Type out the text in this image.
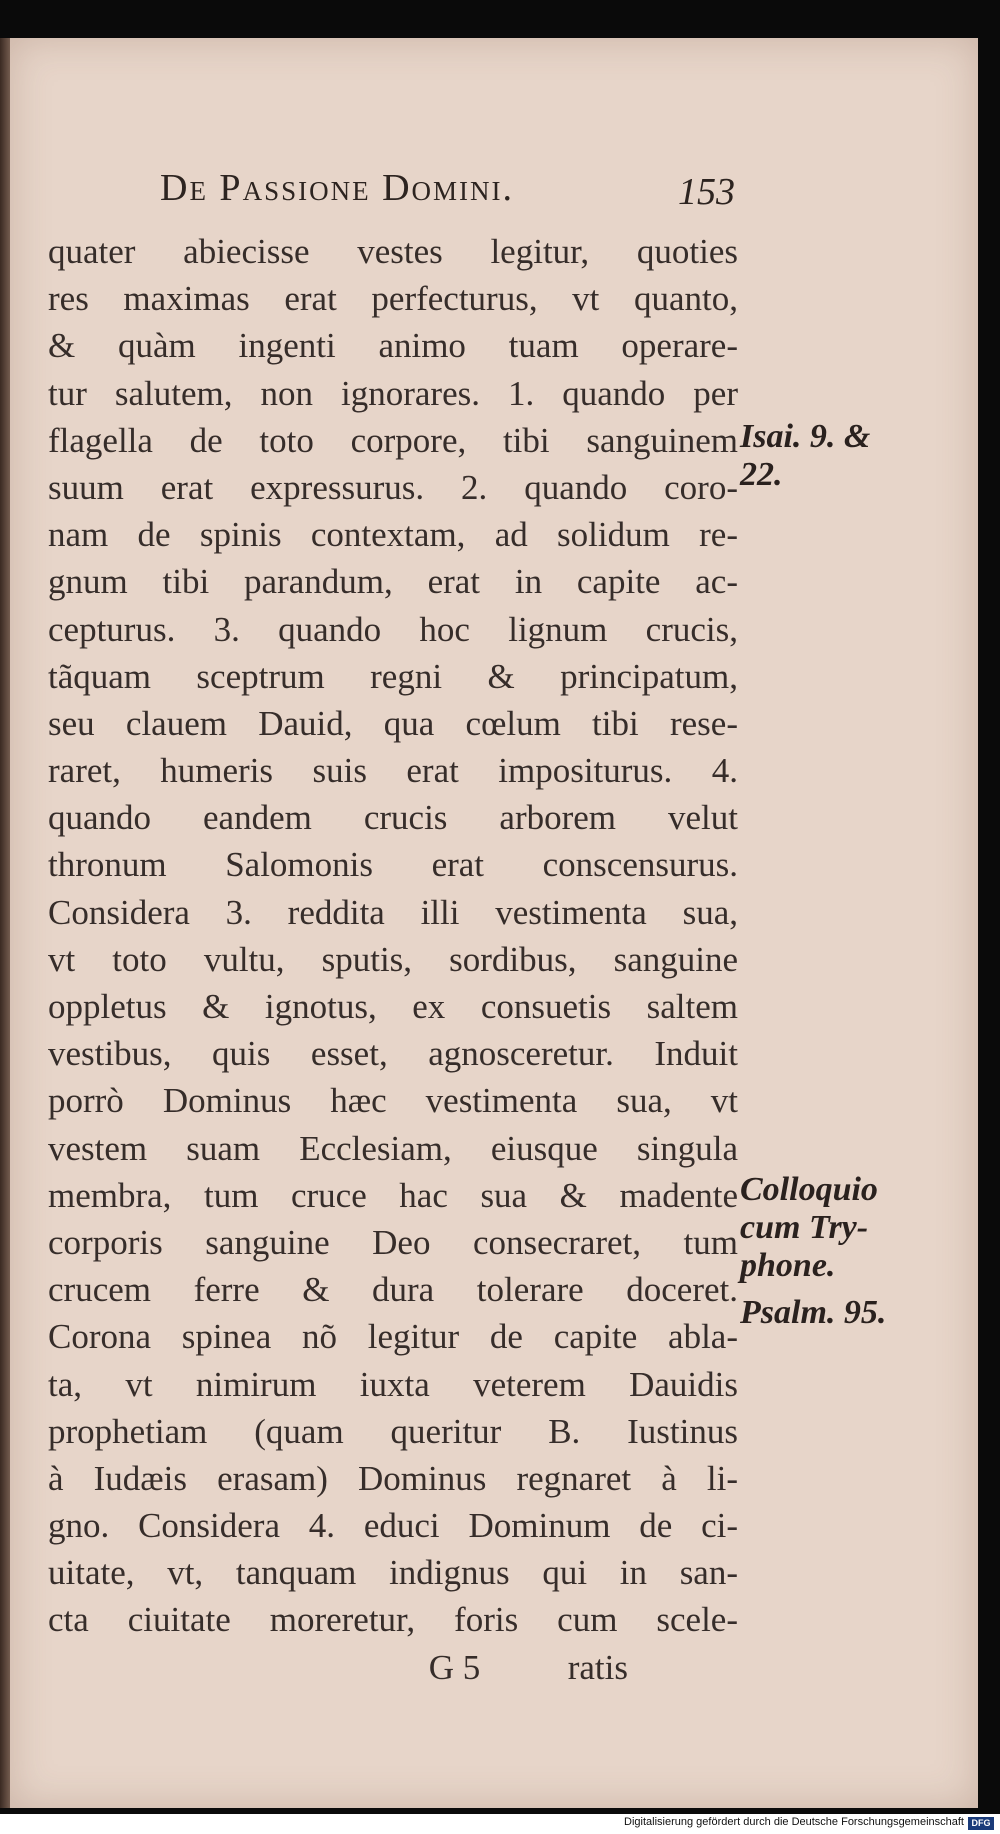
De Passione Domini.	153
quater abiecisse vestes legitur, quoties
res maximas erat perfecturus, vt quanto,
& quàm ingenti animo tuam operare-
tur salutem, non ignorares. 1. quando per
flagella de toto corpore, tibi sanguinem
suum erat expressurus. 2. quando coro-
nam de spinis contextam, ad solidum re-
gnum tibi parandum, erat in capite ac-
cepturus. 3. quando hoc lignum crucis,
tãquam sceptrum regni & principatum,
seu clauem Dauid, qua cœlum tibi rese-
raret, humeris suis erat impositurus. 4.
quando eandem crucis arborem velut
thronum Salomonis erat conscensurus.
Considera 3. reddita illi vestimenta sua,
vt toto vultu, sputis, sordibus, sanguine
oppletus & ignotus, ex consuetis saltem
vestibus, quis esset, agnosceretur. Induit
porrò Dominus hæc vestimenta sua, vt
vestem suam Ecclesiam, eiusque singula
membra, tum cruce hac sua & madente
corporis sanguine Deo consecraret, tum
crucem ferre & dura tolerare doceret.
Corona spinea nõ legitur de capite abla-
ta, vt nimirum iuxta veterem Dauidis
prophetiam (quam queritur B. Iustinus
à Iudæis erasam) Dominus regnaret à li-
gno. Considera 4. educi Dominum de ci-
uitate, vt, tanquam indignus qui in san-
cta ciuitate moreretur, foris cum scele-
G 5          ratis
Isai. 9. &
22.
Colloquio
cum Try-
phone.
Psalm. 95.
Digitalisierung gefördert durch die Deutsche Forschungsgemeinschaft DFG
